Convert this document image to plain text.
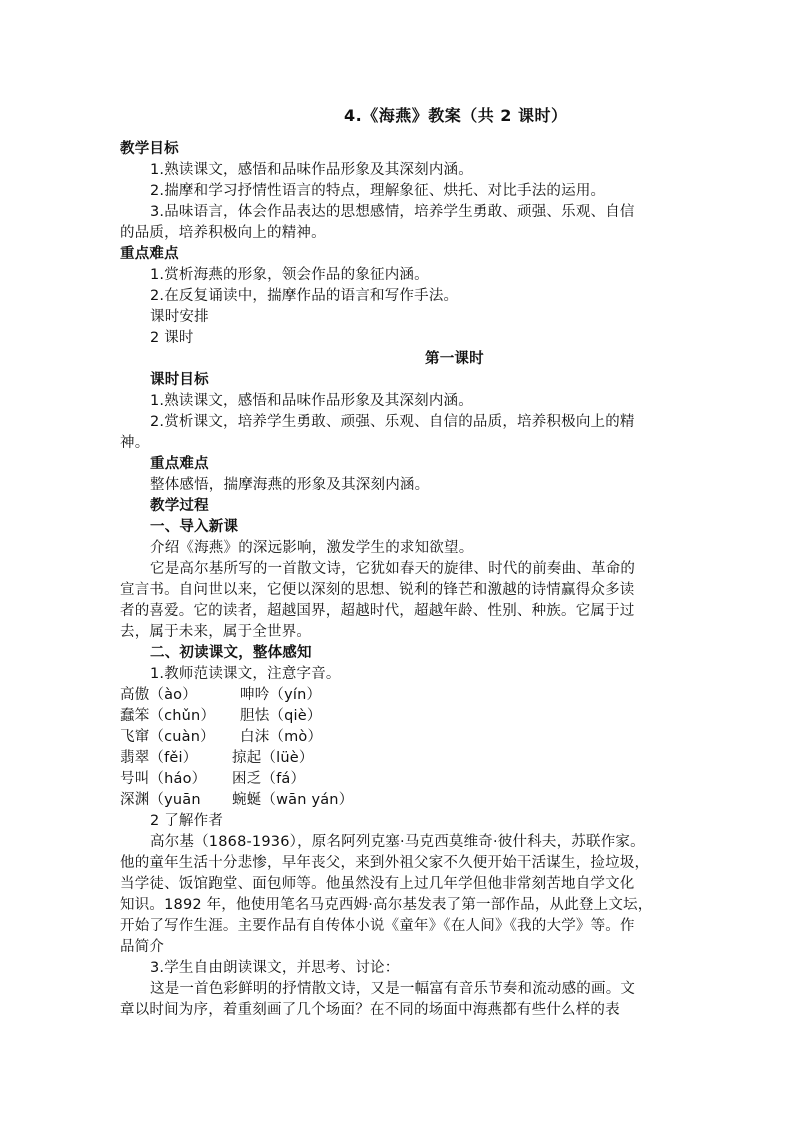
4.《海燕》教案（共 2 课时）
教学目标
1.熟读课文，感悟和品味作品形象及其深刻内涵。
2.揣摩和学习抒情性语言的特点，理解象征、烘托、对比手法的运用。
3.品味语言，体会作品表达的思想感情，培养学生勇敢、顽强、乐观、自信
的品质，培养积极向上的精神。
重点难点
1.赏析海燕的形象，领会作品的象征内涵。
2.在反复诵读中，揣摩作品的语言和写作手法。
课时安排
2 课时
第一课时
课时目标
1.熟读课文，感悟和品味作品形象及其深刻内涵。
2.赏析课文，培养学生勇敢、顽强、乐观、自信的品质，培养积极向上的精
神。
重点难点
整体感悟，揣摩海燕的形象及其深刻内涵。
教学过程
一、导入新课
介绍《海燕》的深远影响，激发学生的求知欲望。
它是高尔基所写的一首散文诗，它犹如春天的旋律、时代的前奏曲、革命的
宣言书。自问世以来，它便以深刻的思想、锐利的锋芒和激越的诗情赢得众多读
者的喜爱。它的读者，超越国界，超越时代，超越年龄、性别、种族。它属于过
去，属于未来，属于全世界。
二、初读课文，整体感知
1.教师范读课文，注意字音。
高傲（ào）	呻吟（yín）
蠢笨（chǔn） 胆怯（qiè）
飞窜（cuàn） 白沫（mò）
翡翠（fěi） 掠起（lüè）
号叫（háo） 困乏（fá）
深渊（yuān 蜿蜒（wān yán）
2 了解作者
高尔基（1868-1936），原名阿列克塞·马克西莫维奇·彼什科夫，苏联作家。
他的童年生活十分悲惨，早年丧父，来到外祖父家不久便开始干活谋生，捡垃圾，
当学徒、饭馆跑堂、面包师等。他虽然没有上过几年学但他非常刻苦地自学文化
知识。1892 年，他使用笔名马克西姆·高尔基发表了第一部作品，从此登上文坛，
开始了写作生涯。主要作品有自传体小说《童年》《在人间》《我的大学》等。作
品简介
3.学生自由朗读课文，并思考、讨论：
这是一首色彩鲜明的抒情散文诗，又是一幅富有音乐节奏和流动感的画。文
章以时间为序，着重刻画了几个场面？在不同的场面中海燕都有些什么样的表
